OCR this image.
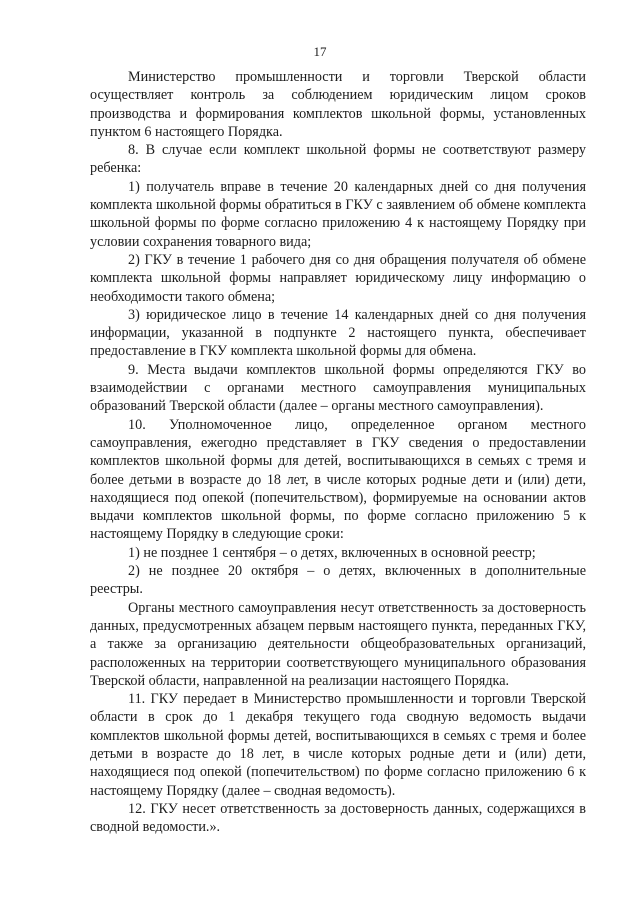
17

Министерство промышленности и торговли Тверской области осуществляет контроль за соблюдением юридическим лицом сроков производства и формирования комплектов школьной формы, установленных пунктом 6 настоящего Порядка.

8. В случае если комплект школьной формы не соответствуют размеру ребенка:

1) получатель вправе в течение 20 календарных дней со дня получения комплекта школьной формы обратиться в ГКУ с заявлением об обмене комплекта школьной формы по форме согласно приложению 4 к настоящему Порядку при условии сохранения товарного вида;

2) ГКУ в течение 1 рабочего дня со дня обращения получателя об обмене комплекта школьной формы направляет юридическому лицу информацию о необходимости такого обмена;

3) юридическое лицо в течение 14 календарных дней со дня получения информации, указанной в подпункте 2 настоящего пункта, обеспечивает предоставление в ГКУ комплекта школьной формы для обмена.

9. Места выдачи комплектов школьной формы определяются ГКУ во взаимодействии с органами местного самоуправления муниципальных образований Тверской области (далее – органы местного самоуправления).

10. Уполномоченное лицо, определенное органом местного самоуправления, ежегодно представляет в ГКУ сведения о предоставлении комплектов школьной формы для детей, воспитывающихся в семьях с тремя и более детьми в возрасте до 18 лет, в числе которых родные дети и (или) дети, находящиеся под опекой (попечительством), формируемые на основании актов выдачи комплектов школьной формы, по форме согласно приложению 5 к настоящему Порядку в следующие сроки:

1) не позднее 1 сентября – о детях, включенных в основной реестр;

2) не позднее 20 октября – о детях, включенных в дополнительные реестры.

Органы местного самоуправления несут ответственность за достоверность данных, предусмотренных абзацем первым настоящего пункта, переданных ГКУ, а также за организацию деятельности общеобразовательных организаций, расположенных на территории соответствующего муниципального образования Тверской области, направленной на реализации настоящего Порядка.

11. ГКУ передает в Министерство промышленности и торговли Тверской области в срок до 1 декабря текущего года сводную ведомость выдачи комплектов школьной формы детей, воспитывающихся в семьях с тремя и более детьми в возрасте до 18 лет, в числе которых родные дети и (или) дети, находящиеся под опекой (попечительством) по форме согласно приложению 6 к настоящему Порядку (далее – сводная ведомость).

12. ГКУ несет ответственность за достоверность данных, содержащихся в сводной ведомости.».
